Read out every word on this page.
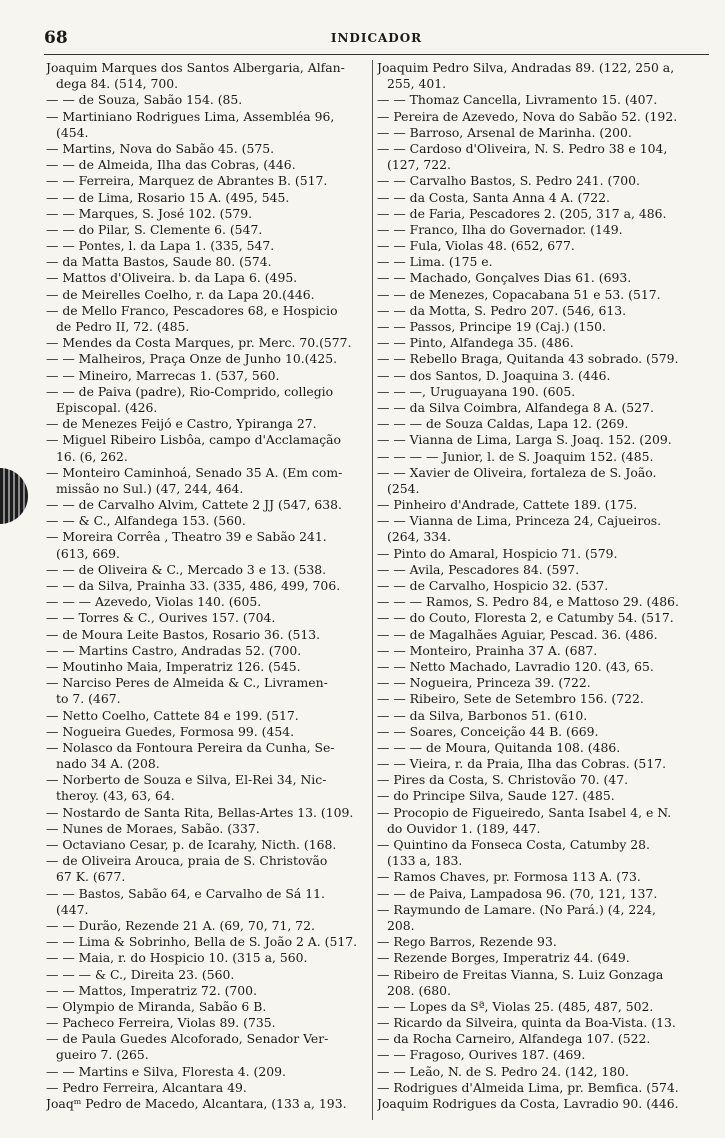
68	INDICADOR
Joaquim Marques dos Santos Albergaria, Alfan-
dega 84. (514, 700.
— — de Souza, Sabão 154. (85.
— Martiniano Rodrigues Lima, Assembléa 96,
(454.
— Martins, Nova do Sabão 45. (575.
— — de Almeida, Ilha das Cobras, (446.
— — Ferreira, Marquez de Abrantes B. (517.
— — de Lima, Rosario 15 A. (495, 545.
— — Marques, S. José 102. (579.
— — do Pilar, S. Clemente 6. (547.
— — Pontes, l. da Lapa 1. (335, 547.
— da Matta Bastos, Saude 80. (574.
— Mattos d'Oliveira. b. da Lapa 6. (495.
— de Meirelles Coelho, r. da Lapa 20.(446.
— de Mello Franco, Pescadores 68, e Hospicio
de Pedro II, 72. (485.
— Mendes da Costa Marques, pr. Merc. 70.(577.
— — Malheiros, Praça Onze de Junho 10.(425.
— — Mineiro, Marrecas 1. (537, 560.
— — de Paiva (padre), Rio-Comprido, collegio
Episcopal. (426.
— de Menezes Feijó e Castro, Ypiranga 27.
— Miguel Ribeiro Lisbôa, campo d'Acclamação
16. (6, 262.
— Monteiro Caminhoá, Senado 35 A. (Em com-
missão no Sul.) (47, 244, 464.
— — de Carvalho Alvim, Cattete 2 JJ (547, 638.
— — & C., Alfandega 153. (560.
— Moreira Corrêa , Theatro 39 e Sabão 241.
(613, 669.
— — de Oliveira & C., Mercado 3 e 13. (538.
— — da Silva, Prainha 33. (335, 486, 499, 706.
— — — Azevedo, Violas 140. (605.
— — Torres & C., Ourives 157. (704.
— de Moura Leite Bastos, Rosario 36. (513.
— — Martins Castro, Andradas 52. (700.
— Moutinho Maia, Imperatriz 126. (545.
— Narciso Peres de Almeida & C., Livramen-
to 7. (467.
— Netto Coelho, Cattete 84 e 199. (517.
— Nogueira Guedes, Formosa 99. (454.
— Nolasco da Fontoura Pereira da Cunha, Se-
nado 34 A. (208.
— Norberto de Souza e Silva, El-Rei 34, Nic-
theroy. (43, 63, 64.
— Nostardo de Santa Rita, Bellas-Artes 13. (109.
— Nunes de Moraes, Sabão. (337.
— Octaviano Cesar, p. de Icarahy, Nicth. (168.
— de Oliveira Arouca, praia de S. Christovão
67 K. (677.
— — Bastos, Sabão 64, e Carvalho de Sá 11.
(447.
— — Durão, Rezende 21 A. (69, 70, 71, 72.
— — Lima & Sobrinho, Bella de S. João 2 A. (517.
— — Maia, r. do Hospicio 10. (315 a, 560.
— — — & C., Direita 23. (560.
— — Mattos, Imperatriz 72. (700.
— Olympio de Miranda, Sabão 6 B.
— Pacheco Ferreira, Violas 89. (735.
— de Paula Guedes Alcoforado, Senador Ver-
gueiro 7. (265.
— — Martins e Silva, Floresta 4. (209.
— Pedro Ferreira, Alcantara 49.
Joaqᵐ Pedro de Macedo, Alcantara, (133 a, 193.
Joaquim Pedro Silva, Andradas 89. (122, 250 a,
255, 401.
— — Thomaz Cancella, Livramento 15. (407.
— Pereira de Azevedo, Nova do Sabão 52. (192.
— — Barroso, Arsenal de Marinha. (200.
— — Cardoso d'Oliveira, N. S. Pedro 38 e 104,
(127, 722.
— — Carvalho Bastos, S. Pedro 241. (700.
— — da Costa, Santa Anna 4 A. (722.
— — de Faria, Pescadores 2. (205, 317 a, 486.
— — Franco, Ilha do Governador. (149.
— — Fula, Violas 48. (652, 677.
— — Lima. (175 e.
— — Machado, Gonçalves Dias 61. (693.
— — de Menezes, Copacabana 51 e 53. (517.
— — da Motta, S. Pedro 207. (546, 613.
— — Passos, Principe 19 (Caj.) (150.
— — Pinto, Alfandega 35. (486.
— — Rebello Braga, Quitanda 43 sobrado. (579.
— — dos Santos, D. Joaquina 3. (446.
— — —, Uruguayana 190. (605.
— — da Silva Coimbra, Alfandega 8 A. (527.
— — — de Souza Caldas, Lapa 12. (269.
— — Vianna de Lima, Larga S. Joaq. 152. (209.
— — — — Junior, l. de S. Joaquim 152. (485.
— — Xavier de Oliveira, fortaleza de S. João.
(254.
— Pinheiro d'Andrade, Cattete 189. (175.
— — Vianna de Lima, Princeza 24, Cajueiros.
(264, 334.
— Pinto do Amaral, Hospicio 71. (579.
— — Avila, Pescadores 84. (597.
— — de Carvalho, Hospicio 32. (537.
— — — Ramos, S. Pedro 84, e Mattoso 29. (486.
— — do Couto, Floresta 2, e Catumby 54. (517.
— — de Magalhães Aguiar, Pescad. 36. (486.
— — Monteiro, Prainha 37 A. (687.
— — Netto Machado, Lavradio 120. (43, 65.
— — Nogueira, Princeza 39. (722.
— — Ribeiro, Sete de Setembro 156. (722.
— — da Silva, Barbonos 51. (610.
— — Soares, Conceição 44 B. (669.
— — — de Moura, Quitanda 108. (486.
— — Vieira, r. da Praia, Ilha das Cobras. (517.
— Pires da Costa, S. Christovão 70. (47.
— do Principe Silva, Saude 127. (485.
— Procopio de Figueiredo, Santa Isabel 4, e N.
do Ouvidor 1. (189, 447.
— Quintino da Fonseca Costa, Catumby 28.
(133 a, 183.
— Ramos Chaves, pr. Formosa 113 A. (73.
— — de Paiva, Lampadosa 96. (70, 121, 137.
— Raymundo de Lamare. (No Pará.) (4, 224,
208.
— Rego Barros, Rezende 93.
— Rezende Borges, Imperatriz 44. (649.
— Ribeiro de Freitas Vianna, S. Luiz Gonzaga
208. (680.
— — Lopes da Sª, Violas 25. (485, 487, 502.
— Ricardo da Silveira, quinta da Boa-Vista. (13.
— da Rocha Carneiro, Alfandega 107. (522.
— — Fragoso, Ourives 187. (469.
— — Leão, N. de S. Pedro 24. (142, 180.
— Rodrigues d'Almeida Lima, pr. Bemfica. (574.
Joaquim Rodrigues da Costa, Lavradio 90. (446.
